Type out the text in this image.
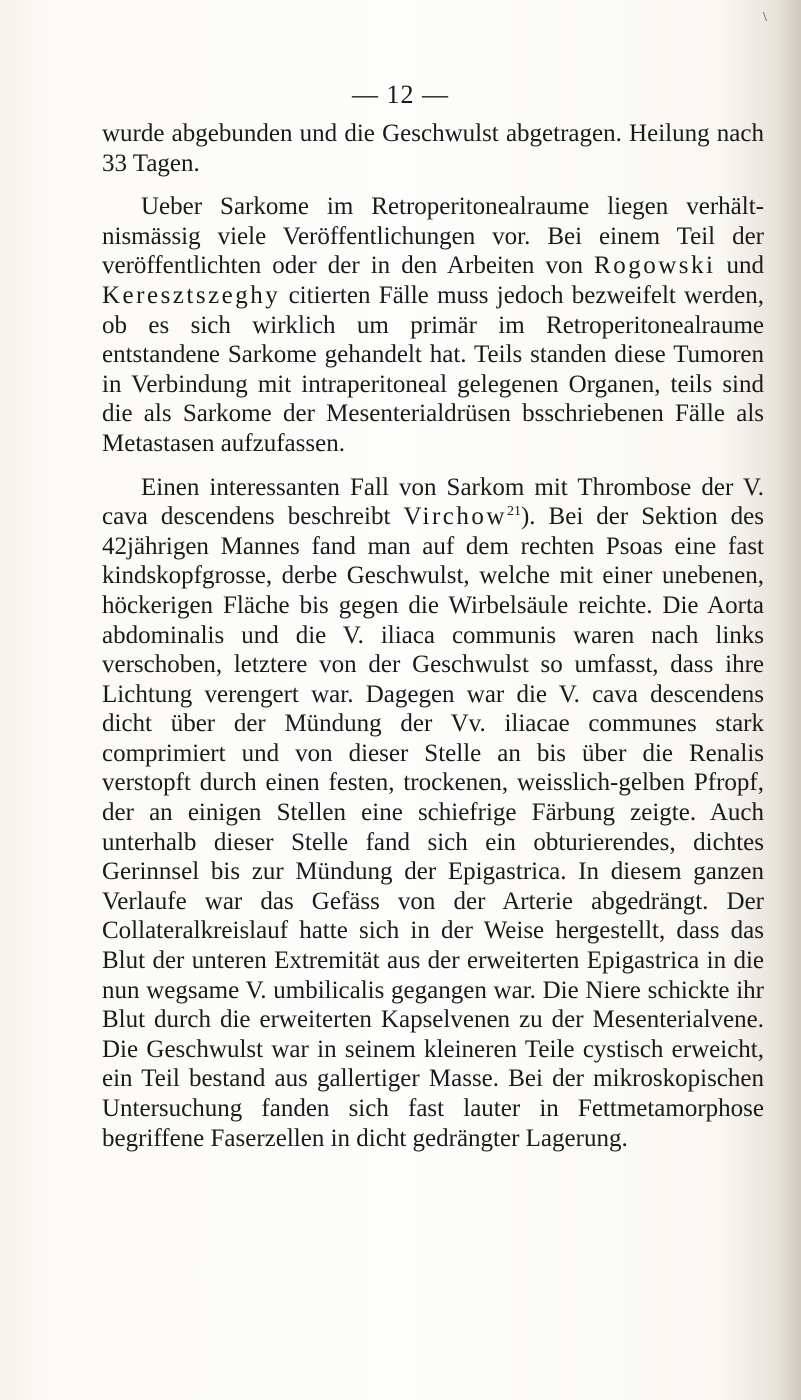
\
— 12 —

wurde abgebunden und die Geschwulst abgetragen. Heilung nach 33 Tagen.

Ueber Sarkome im Retroperitonealraume liegen verhältnismässig viele Veröffentlichungen vor. Bei einem Teil der veröffentlichten oder der in den Arbeiten von Rogowski und Keresztszeghy citierten Fälle muss jedoch bezweifelt werden, ob es sich wirklich um primär im Retroperitonealraume entstandene Sarkome gehandelt hat. Teils standen diese Tumoren in Verbindung mit intraperitoneal gelegenen Organen, teils sind die als Sarkome der Mesenterialdrüsen bsschriebenen Fälle als Metastasen aufzufassen.

Einen interessanten Fall von Sarkom mit Thrombose der V. cava descendens beschreibt Virchow$^{21}$). Bei der Sektion des 42jährigen Mannes fand man auf dem rechten Psoas eine fast kindskopfgrosse, derbe Geschwulst, welche mit einer unebenen, höckerigen Fläche bis gegen die Wirbelsäule reichte. Die Aorta abdominalis und die V. iliaca communis waren nach links verschoben, letztere von der Geschwulst so umfasst, dass ihre Lichtung verengert war. Dagegen war die V. cava descendens dicht über der Mündung der Vv. iliacae communes stark comprimiert und von dieser Stelle an bis über die Renalis verstopft durch einen festen, trockenen, weisslich-gelben Pfropf, der an einigen Stellen eine schiefrige Färbung zeigte. Auch unterhalb dieser Stelle fand sich ein obturierendes, dichtes Gerinnsel bis zur Mündung der Epigastrica. In diesem ganzen Verlaufe war das Gefäss von der Arterie abgedrängt. Der Collateralkreislauf hatte sich in der Weise hergestellt, dass das Blut der unteren Extremität aus der erweiterten Epigastrica in die nun wegsame V. umbilicalis gegangen war. Die Niere schickte ihr Blut durch die erweiterten Kapselvenen zu der Mesenterialvene. Die Geschwulst war in seinem kleineren Teile cystisch erweicht, ein Teil bestand aus gallertiger Masse. Bei der mikroskopischen Untersuchung fanden sich fast lauter in Fettmetamorphose begriffene Faserzellen in dicht gedrängter Lagerung.
